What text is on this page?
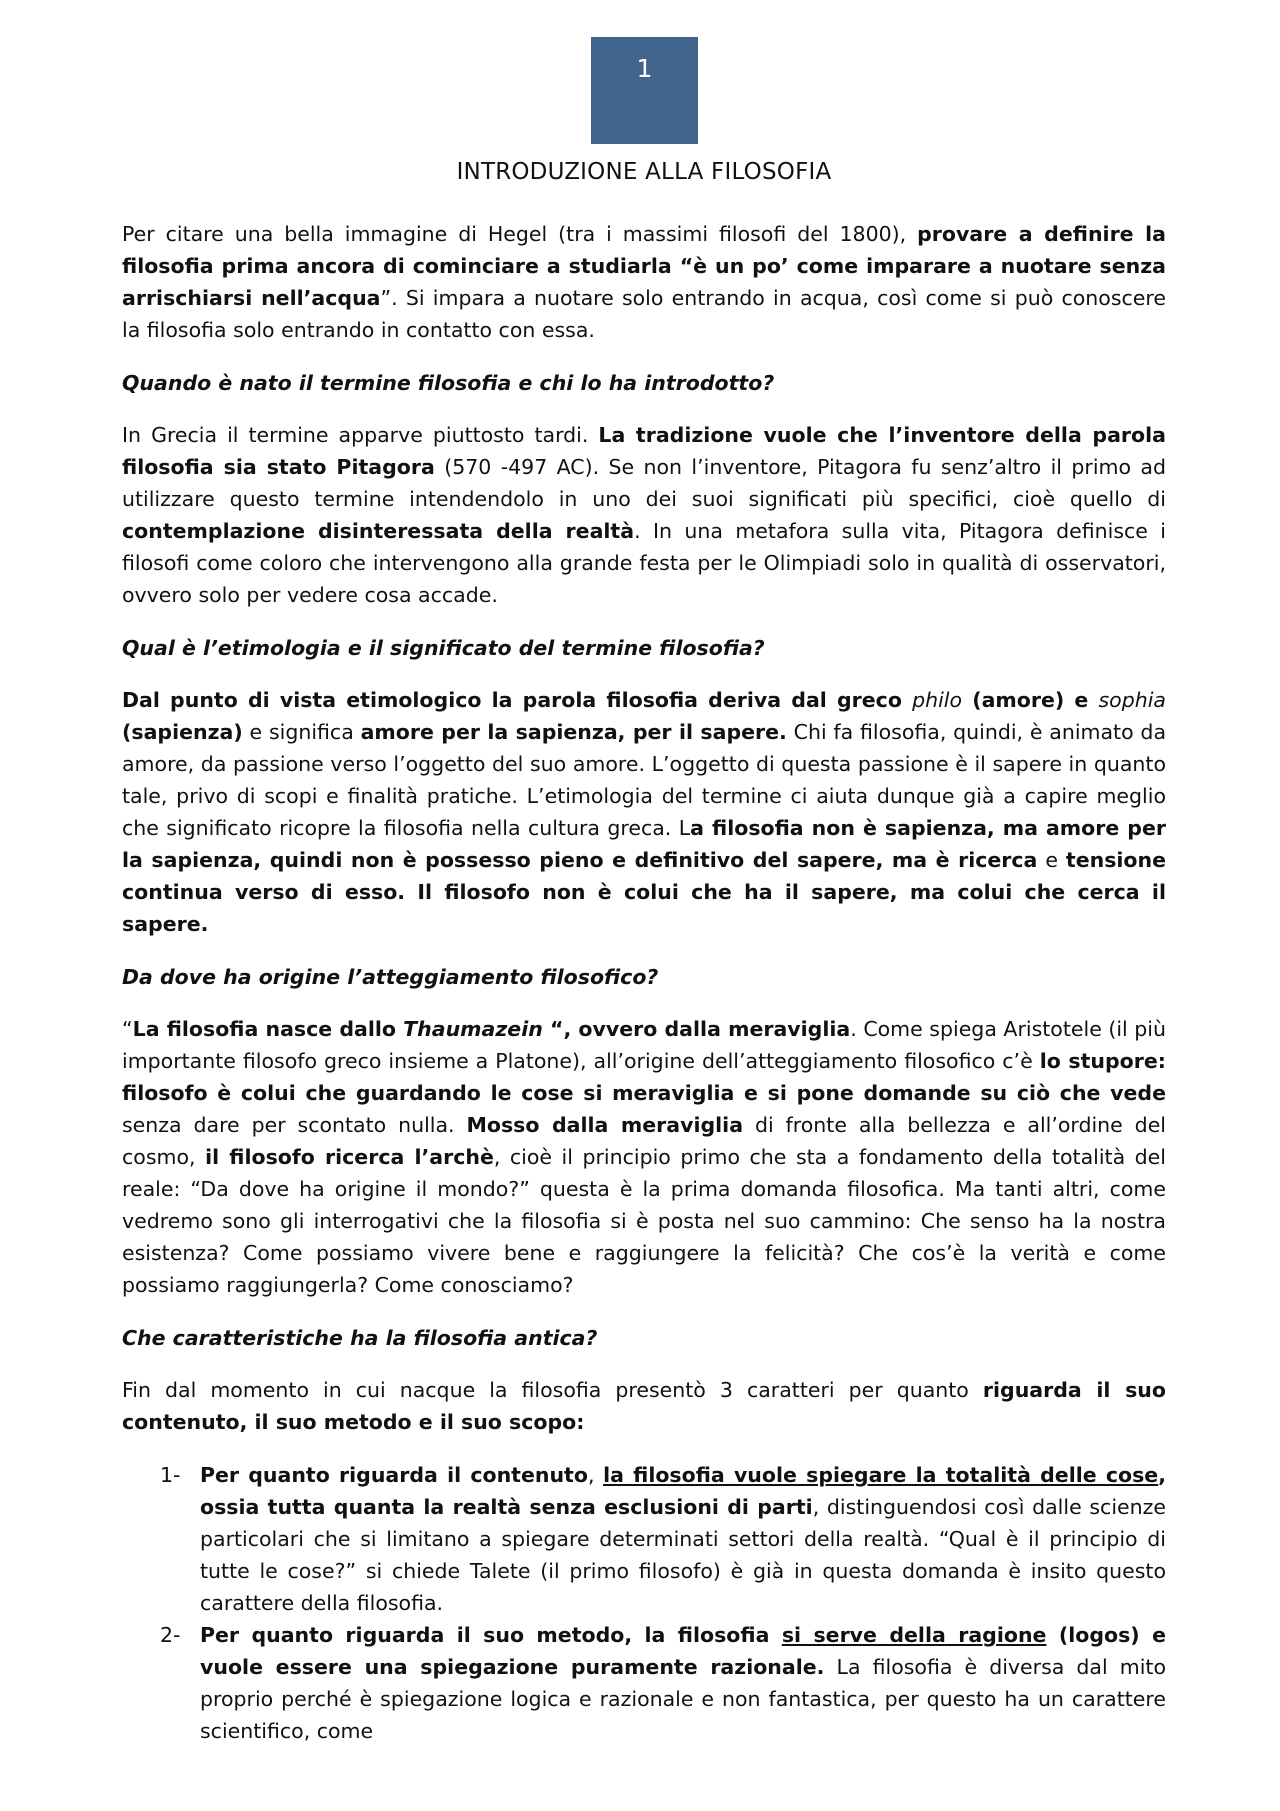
1
INTRODUZIONE ALLA FILOSOFIA

Per citare una bella immagine di Hegel (tra i massimi filosofi del 1800), provare a definire la filosofia prima ancora di cominciare a studiarla “è un po’ come imparare a nuotare senza arrischiarsi nell’acqua”. Si impara a nuotare solo entrando in acqua, così come si può conoscere la filosofia solo entrando in contatto con essa.

Quando è nato il termine filosofia e chi lo ha introdotto?

In Grecia il termine apparve piuttosto tardi. La tradizione vuole che l’inventore della parola filosofia sia stato Pitagora (570 -497 AC). Se non l’inventore, Pitagora fu senz’altro il primo ad utilizzare questo termine intendendolo in uno dei suoi significati più specifici, cioè quello di contemplazione disinteressata della realtà. In una metafora sulla vita, Pitagora definisce i filosofi come coloro che intervengono alla grande festa per le Olimpiadi solo in qualità di osservatori, ovvero solo per vedere cosa accade.

Qual è l’etimologia e il significato del termine filosofia?

Dal punto di vista etimologico la parola filosofia deriva dal greco philo (amore) e sophia (sapienza) e significa amore per la sapienza, per il sapere. Chi fa filosofia, quindi, è animato da amore, da passione verso l’oggetto del suo amore. L’oggetto di questa passione è il sapere in quanto tale, privo di scopi e finalità pratiche. L’etimologia del termine ci aiuta dunque già a capire meglio che significato ricopre la filosofia nella cultura greca. La filosofia non è sapienza, ma amore per la sapienza, quindi non è possesso pieno e definitivo del sapere, ma è ricerca e tensione continua verso di esso. Il filosofo non è colui che ha il sapere, ma colui che cerca il sapere.

Da dove ha origine l’atteggiamento filosofico?

“La filosofia nasce dallo Thaumazein “, ovvero dalla meraviglia. Come spiega Aristotele (il più importante filosofo greco insieme a Platone), all’origine dell’atteggiamento filosofico c’è lo stupore: filosofo è colui che guardando le cose si meraviglia e si pone domande su ciò che vede senza dare per scontato nulla. Mosso dalla meraviglia di fronte alla bellezza e all’ordine del cosmo, il filosofo ricerca l’archè, cioè il principio primo che sta a fondamento della totalità del reale: “Da dove ha origine il mondo?” questa è la prima domanda filosofica. Ma tanti altri, come vedremo sono gli interrogativi che la filosofia si è posta nel suo cammino: Che senso ha la nostra esistenza? Come possiamo vivere bene e raggiungere la felicità? Che cos’è la verità e come possiamo raggiungerla? Come conosciamo?

Che caratteristiche ha la filosofia antica?

Fin dal momento in cui nacque la filosofia presentò 3 caratteri per quanto riguarda il suo contenuto, il suo metodo e il suo scopo:

1- Per quanto riguarda il contenuto, la filosofia vuole spiegare la totalità delle cose, ossia tutta quanta la realtà senza esclusioni di parti, distinguendosi così dalle scienze particolari che si limitano a spiegare determinati settori della realtà. “Qual è il principio di tutte le cose?” si chiede Talete (il primo filosofo) è già in questa domanda è insito questo carattere della filosofia.
2- Per quanto riguarda il suo metodo, la filosofia si serve della ragione (logos) e vuole essere una spiegazione puramente razionale. La filosofia è diversa dal mito proprio perché è spiegazione logica e razionale e non fantastica, per questo ha un carattere scientifico, come
